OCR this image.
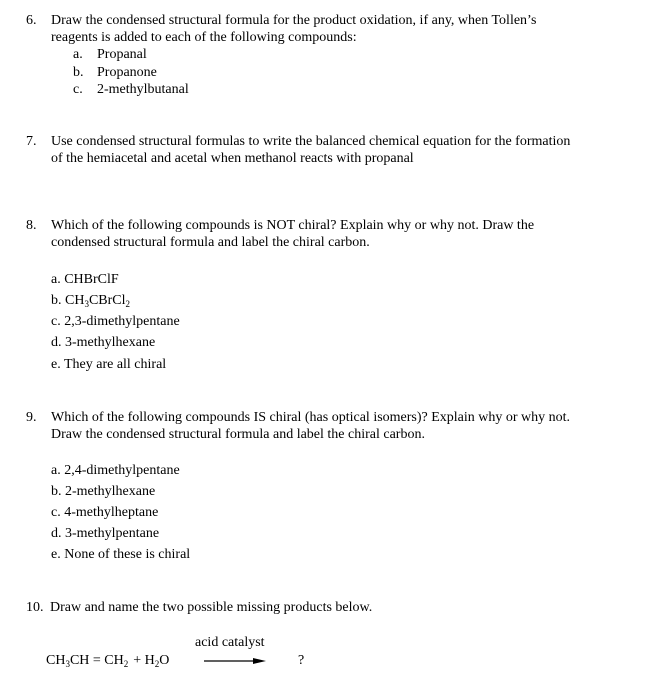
6. Draw the condensed structural formula for the product oxidation, if any, when Tollen’s

reagents is added to each of the following compounds:

a. Propanal
b. Propanone
c. 2-methylbutanal
7. Use condensed structural formulas to write the balanced chemical equation for the formation

of the hemiacetal and acetal when methanol reacts with propanal

8. Which of the following compounds is NOT chiral? Explain why or why not. Draw the

condensed structural formula and label the chiral carbon.

a. CHBrClF
b. $CH_3CBrCl_2$
c. 2,3-dimethylpentane
d. 3-methylhexane
e. They are all chiral
9. Which of the following compounds IS chiral (has optical isomers)? Explain why or why not.

Draw the condensed structural formula and label the chiral carbon.

a. 2,4-dimethylpentane
b. 2-methylhexane
c. 4-methylheptane
d. 3-methylpentane
e. None of these is chiral
10. Draw and name the two possible missing products below.
$CH_3CH = CH_2 + H_2O$
acid catalyst
?
